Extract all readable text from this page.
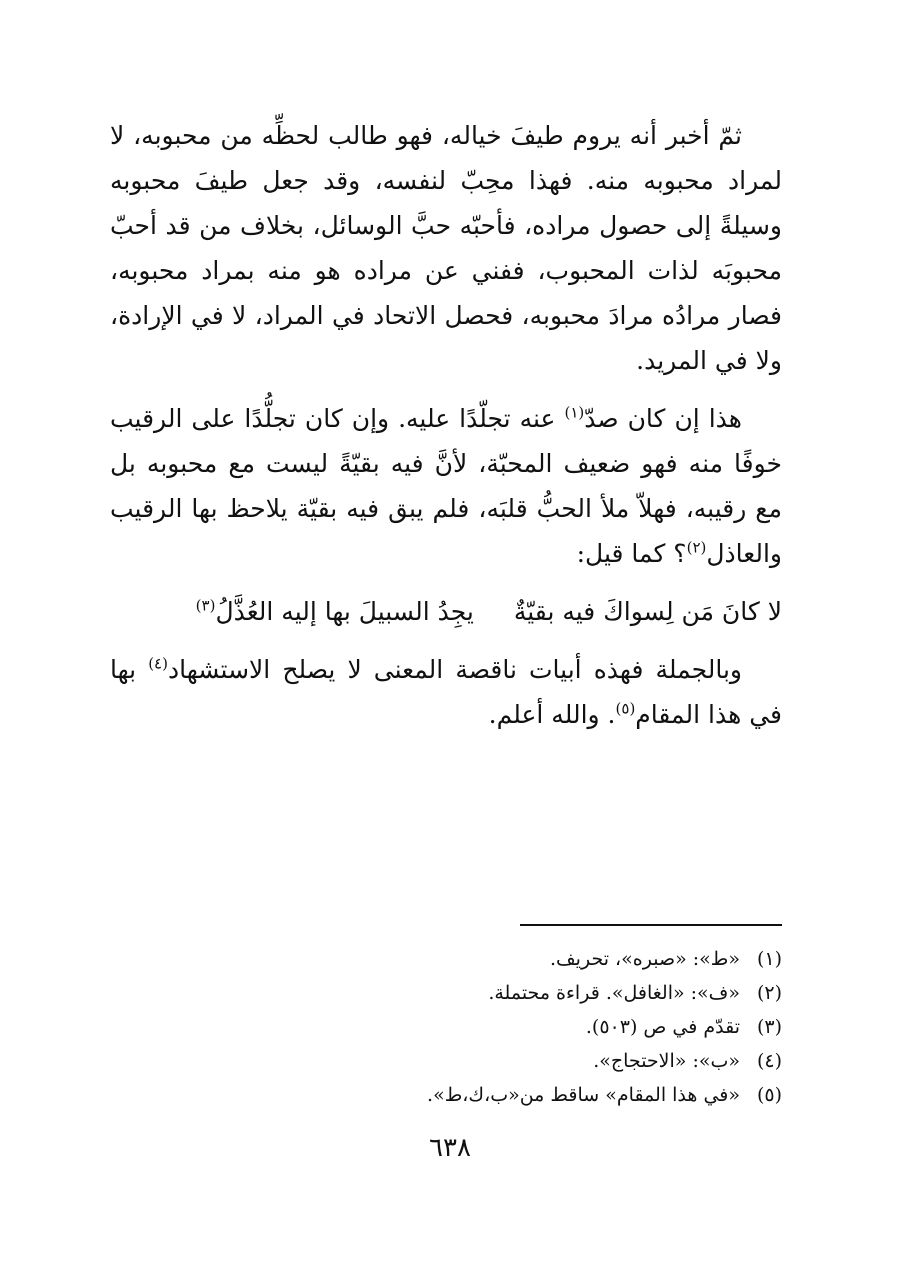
ثمّ أخبر أنه يروم طيفَ خياله، فهو طالب لحظِّه من محبوبه، لا لمراد محبوبه منه. فهذا محِبّ لنفسه، وقد جعل طيفَ محبوبه وسيلةً إلى حصول مراده، فأحبّه حبَّ الوسائل، بخلاف من قد أحبّ محبوبَه لذات المحبوب، ففني عن مراده هو منه بمراد محبوبه، فصار مرادُه مرادَ محبوبه، فحصل الاتحاد في المراد، لا في الإرادة، ولا في المريد.

هذا إن كان صدّ$^{(١)}$ عنه تجلّدًا عليه. وإن كان تجلُّدًا على الرقيب خوفًا منه فهو ضعيف المحبّة، لأنَّ فيه بقيّةً ليست مع محبوبه بل مع رقيبه، فهلاّ ملأ الحبُّ قلبَه، فلم يبق فيه بقيّة يلاحظ بها الرقيب والعاذل$^{(٢)}$؟ كما قيل:

لا كانَ مَن لِسواكَ فيه بقيّةٌ
يجِدُ السبيلَ بها إليه العُذَّلُ$^{(٣)}$

وبالجملة فهذه أبيات ناقصة المعنى لا يصلح الاستشهاد$^{(٤)}$ بها في هذا المقام$^{(٥)}$. والله أعلم.

(١)
«ط»: «صبره»، تحريف.
(٢)
«ف»: «الغافل». قراءة محتملة.
(٣)
تقدّم في ص (٥٠٣).
(٤)
«ب»: «الاحتجاج».
(٥)
«في هذا المقام» ساقط من«ب،ك،ط».
٦٣٨
